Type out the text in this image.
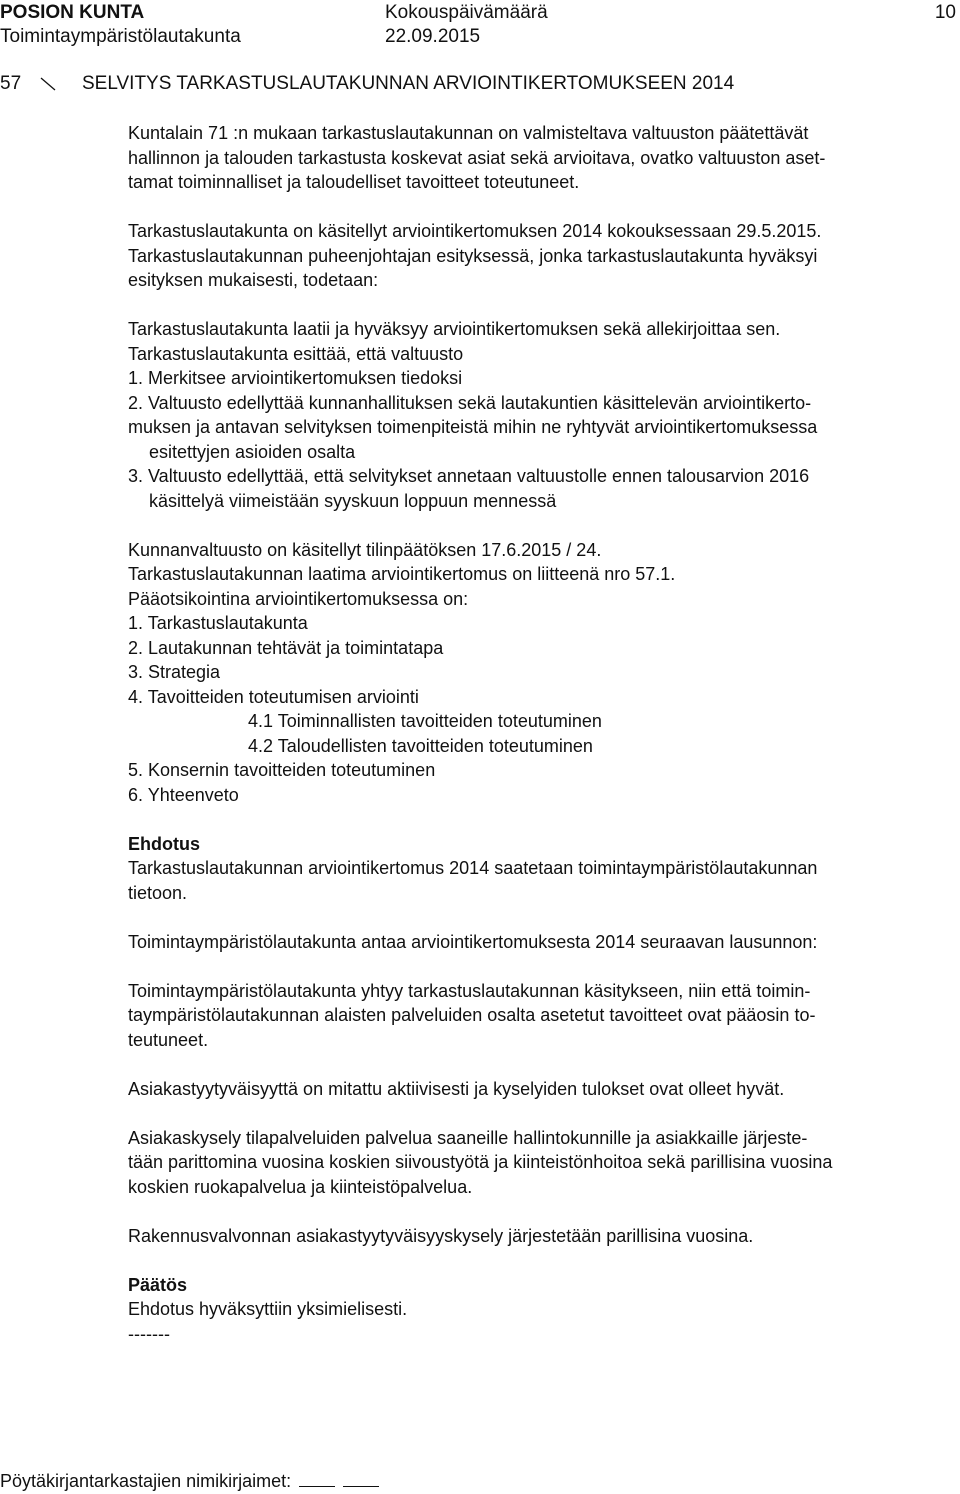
POSION KUNTA
Toimintaympäristölautakunta
Kokouspäivämäärä
22.09.2015
10
57	SELVITYS TARKASTUSLAUTAKUNNAN ARVIOINTIKERTOMUKSEEN 2014

Kuntalain 71 :n mukaan tarkastuslautakunnan on valmisteltava valtuuston päätettävät

hallinnon ja talouden tarkastusta koskevat asiat sekä arvioitava, ovatko valtuuston aset-

tamat toiminnalliset ja taloudelliset tavoitteet toteutuneet.

Tarkastuslautakunta on käsitellyt arviointikertomuksen 2014 kokouksessaan 29.5.2015.

Tarkastuslautakunnan puheenjohtajan esityksessä, jonka tarkastuslautakunta hyväksyi

esityksen mukaisesti, todetaan:

Tarkastuslautakunta laatii ja hyväksyy arviointikertomuksen sekä allekirjoittaa sen.

Tarkastuslautakunta esittää, että valtuusto

1. Merkitsee arviointikertomuksen tiedoksi

2. Valtuusto edellyttää kunnanhallituksen sekä lautakuntien käsittelevän arviointikerto-

muksen ja antavan selvityksen toimenpiteistä mihin ne ryhtyvät arviointikertomuksessa

esitettyjen asioiden osalta

3. Valtuusto edellyttää, että selvitykset annetaan valtuustolle ennen talousarvion 2016

käsittelyä viimeistään syyskuun loppuun mennessä

Kunnanvaltuusto on käsitellyt tilinpäätöksen 17.6.2015 / 24.

Tarkastuslautakunnan laatima arviointikertomus on liitteenä nro 57.1.

Pääotsikointina arviointikertomuksessa on:

1. Tarkastuslautakunta

2. Lautakunnan tehtävät ja toimintatapa

3. Strategia

4. Tavoitteiden toteutumisen arviointi

4.1 Toiminnallisten tavoitteiden toteutuminen

4.2 Taloudellisten tavoitteiden toteutuminen

5. Konsernin tavoitteiden toteutuminen

6. Yhteenveto

Ehdotus

Tarkastuslautakunnan arviointikertomus 2014 saatetaan toimintaympäristölautakunnan

tietoon.

Toimintaympäristölautakunta antaa arviointikertomuksesta 2014 seuraavan lausunnon:

Toimintaympäristölautakunta yhtyy tarkastuslautakunnan käsitykseen, niin että toimin-

taympäristölautakunnan alaisten palveluiden osalta asetetut tavoitteet ovat pääosin to-

teutuneet.

Asiakastyytyväisyyttä on mitattu aktiivisesti ja kyselyiden tulokset ovat olleet hyvät.

Asiakaskysely tilapalveluiden palvelua saaneille hallintokunnille ja asiakkaille järjeste-

tään parittomina vuosina koskien siivoustyötä ja kiinteistönhoitoa sekä parillisina vuosina

koskien ruokapalvelua ja kiinteistöpalvelua.

Rakennusvalvonnan asiakastyytyväisyyskysely järjestetään parillisina vuosina.

Päätös

Ehdotus hyväksyttiin yksimielisesti.

-------

Pöytäkirjantarkastajien nimikirjaimet:
